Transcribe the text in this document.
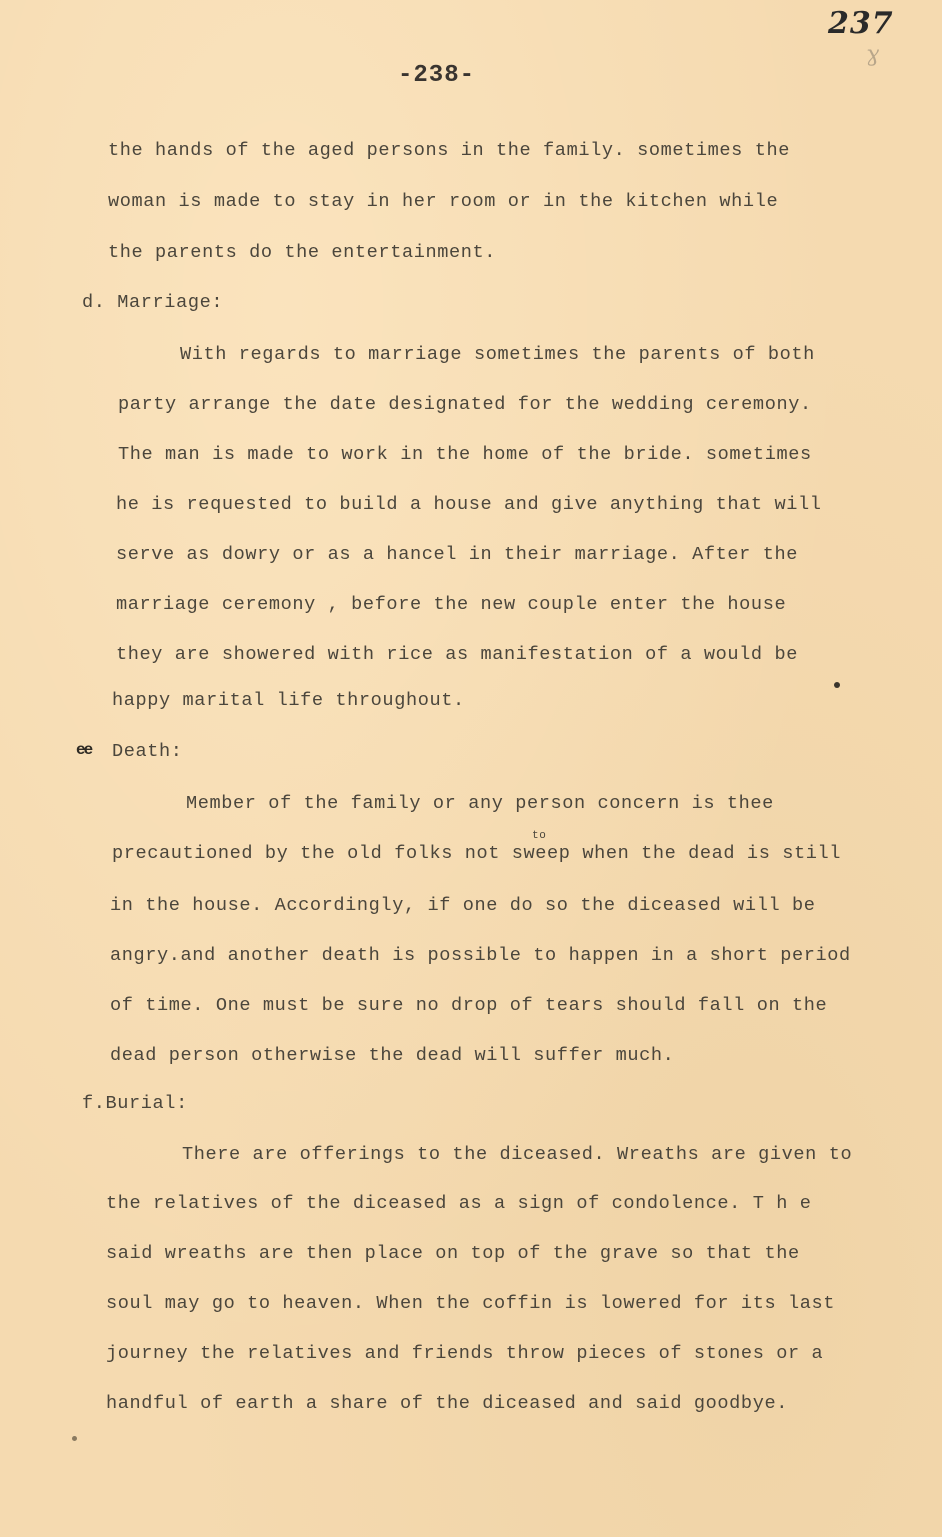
237
ɣ
-238-
the hands of the aged persons in the family. sometimes the
woman is made to stay in her room or in the kitchen while
the parents do the entertainment.
d. Marriage:
With regards to marriage sometimes the parents of both
party arrange the date designated for the wedding ceremony.
The man is made to work in the home of the bride. sometimes
he is requested to build a house and give anything that will
serve as dowry or as a hancel in their marriage. After the
marriage ceremony , before the new couple enter the house
they are showered with rice as manifestation of a would be
happy marital life throughout.
ee Death:
Member of the family or any person concern is thee
to
precautioned by the old folks not sweep when the dead is still
in the house. Accordingly, if one do so the diceased will be
angry.and another death is possible to happen in a short period
of time. One must be sure no drop of tears should fall on the
dead person otherwise the dead will suffer much.
f.Burial:
There are offerings to the diceased. Wreaths are given to
the relatives of the diceased as a sign of condolence. T h e
said wreaths are then place on top of the grave so that the
soul may go to heaven. When the coffin is lowered for its last
journey the relatives and friends throw pieces of stones or a
handful of earth a share of the diceased and said goodbye.
